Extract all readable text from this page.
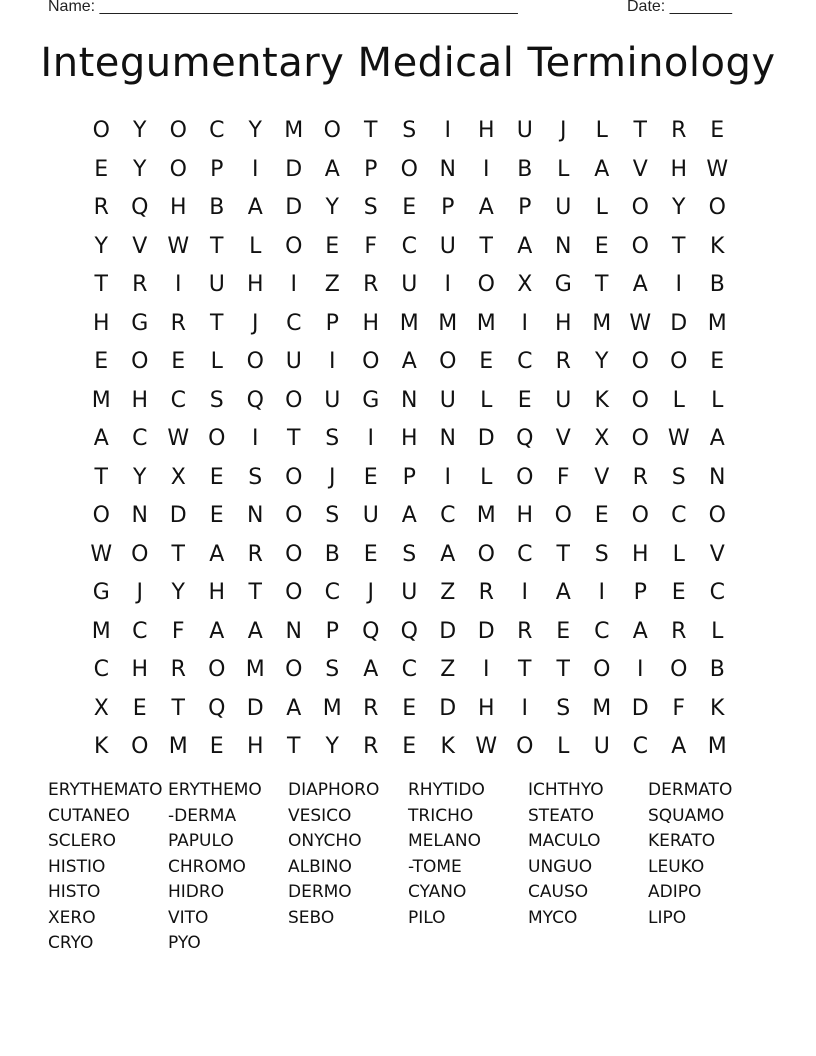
Name: _______________________________________________	Date: _______
Integumentary Medical Terminology
O	Y	O	C	Y	M O	T	S	I	H	U	J	L	T	R	E
E	Y	O	P	I	D	A	P	O N	I	B	L	A	V	H W
R	Q H	B	A	D	Y	S	E	P	A	P	U	L	O	Y	O
Y	V W T	L	O	E	F	C	U	T	A	N	E	O	T	K
T	R	I	U	H	I	Z	R	U	I	O	X	G	T	A	I	B
H G	R	T	J	C	P	H M M M	I	H M W D M
E	O	E	L	O U	I	O	A	O	E	C	R	Y	O O	E
M H	C	S	Q O U G N	U	L	E	U	K	O	L	L
A	C W O	I	T	S	I	H	N D Q	V	X	O W A
T	Y	X	E	S	O	J	E	P	I	L	O	F	V	R	S	N
O N D	E	N O	S	U	A	C M H O	E	O	C	O
W O	T	A	R	O	B	E	S	A	O	C	T	S	H	L	V
G	J	Y	H	T	O	C	J	U	Z	R	I	A	I	P	E	C
M C	F	A	A	N	P	Q Q D D	R	E	C	A	R	L
C	H	R	O M O	S	A	C	Z	I	T	T	O	I	O	B
X	E	T	Q D	A M R	E	D H	I	S	M D	F	K
K	O M	E	H	T	Y	R	E	K W O	L	U	C	A M
ERYTHEMATO ERYTHEMO	DIAPHORO	RHYTIDO	ICHTHYO	DERMATO
CUTANEO	-DERMA	VESICO	TRICHO	STEATO	SQUAMO
SCLERO	PAPULO	ONYCHO	MELANO	MACULO	KERATO
HISTIO	CHROMO	ALBINO	-TOME	UNGUO	LEUKO
HISTO	HIDRO	DERMO	CYANO	CAUSO	ADIPO
XERO	VITO	SEBO	PILO	MYCO	LIPO
CRYO	PYO
